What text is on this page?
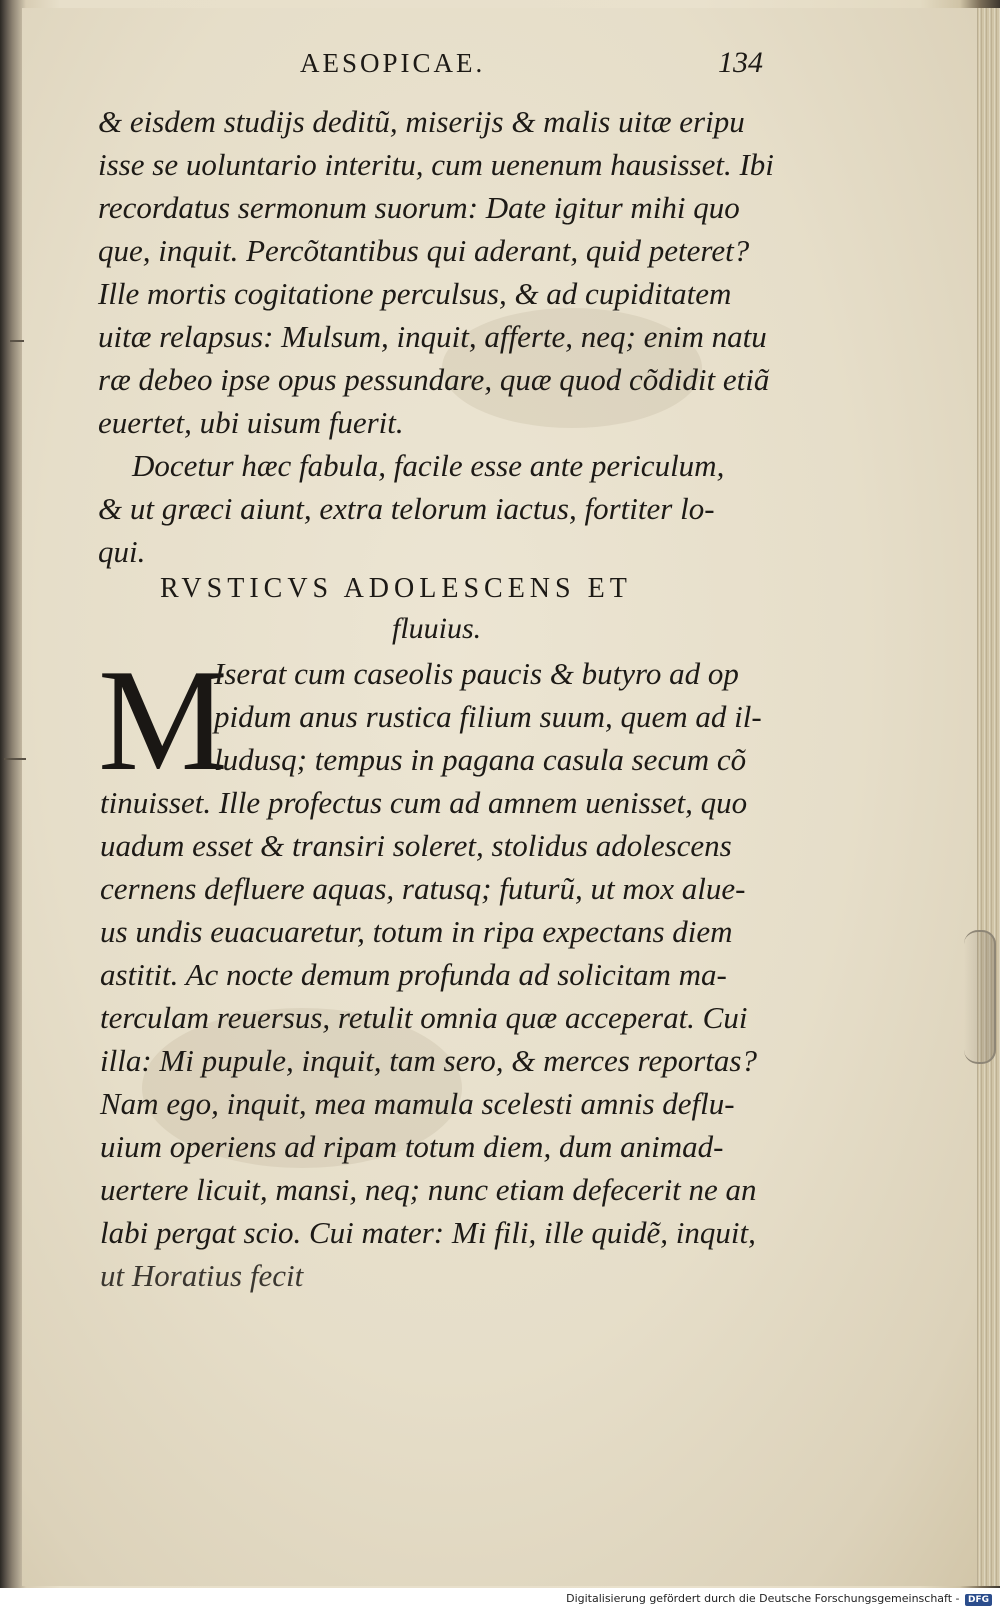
AESOPICAE.	134
& eisdem studijs deditũ, miserijs & malis uitæ eripu
isse se uoluntario interitu, cum uenenum hausisset. Ibi
recordatus sermonum suorum: Date igitur mihi quo
que, inquit. Percõtantibus qui aderant, quid peteret?
Ille mortis cogitatione perculsus, & ad cupiditatem
uitæ relapsus: Mulsum, inquit, afferte, neq; enim natu
ræ debeo ipse opus pessundare, quæ quod cõdidit etiã
euertet, ubi uisum fuerit.
Docetur hæc fabula, facile esse ante periculum,
& ut græci aiunt, extra telorum iactus, fortiter lo-
qui.
RVSTICVS ADOLESCENS ET
fluuius.
M
Iserat cum caseolis paucis & butyro ad op
pidum anus rustica filium suum, quem ad il-
ludusq; tempus in pagana casula secum cõ
tinuisset. Ille profectus cum ad amnem uenisset, quo
uadum esset & transiri soleret, stolidus adolescens
cernens defluere aquas, ratusq; futurũ, ut mox alue-
us undis euacuaretur, totum in ripa expectans diem
astitit. Ac nocte demum profunda ad solicitam ma-
terculam reuersus, retulit omnia quæ acceperat. Cui
illa: Mi pupule, inquit, tam sero, & merces reportas?
Nam ego, inquit, mea mamula scelesti amnis deflu-
uium operiens ad ripam totum diem, dum animad-
uertere licuit, mansi, neq; nunc etiam defecerit ne an
labi pergat scio. Cui mater: Mi fili, ille quidẽ, inquit,
ut Horatius fecit
Digitalisierung gefördert durch die Deutsche Forschungsgemeinschaft - DFG
